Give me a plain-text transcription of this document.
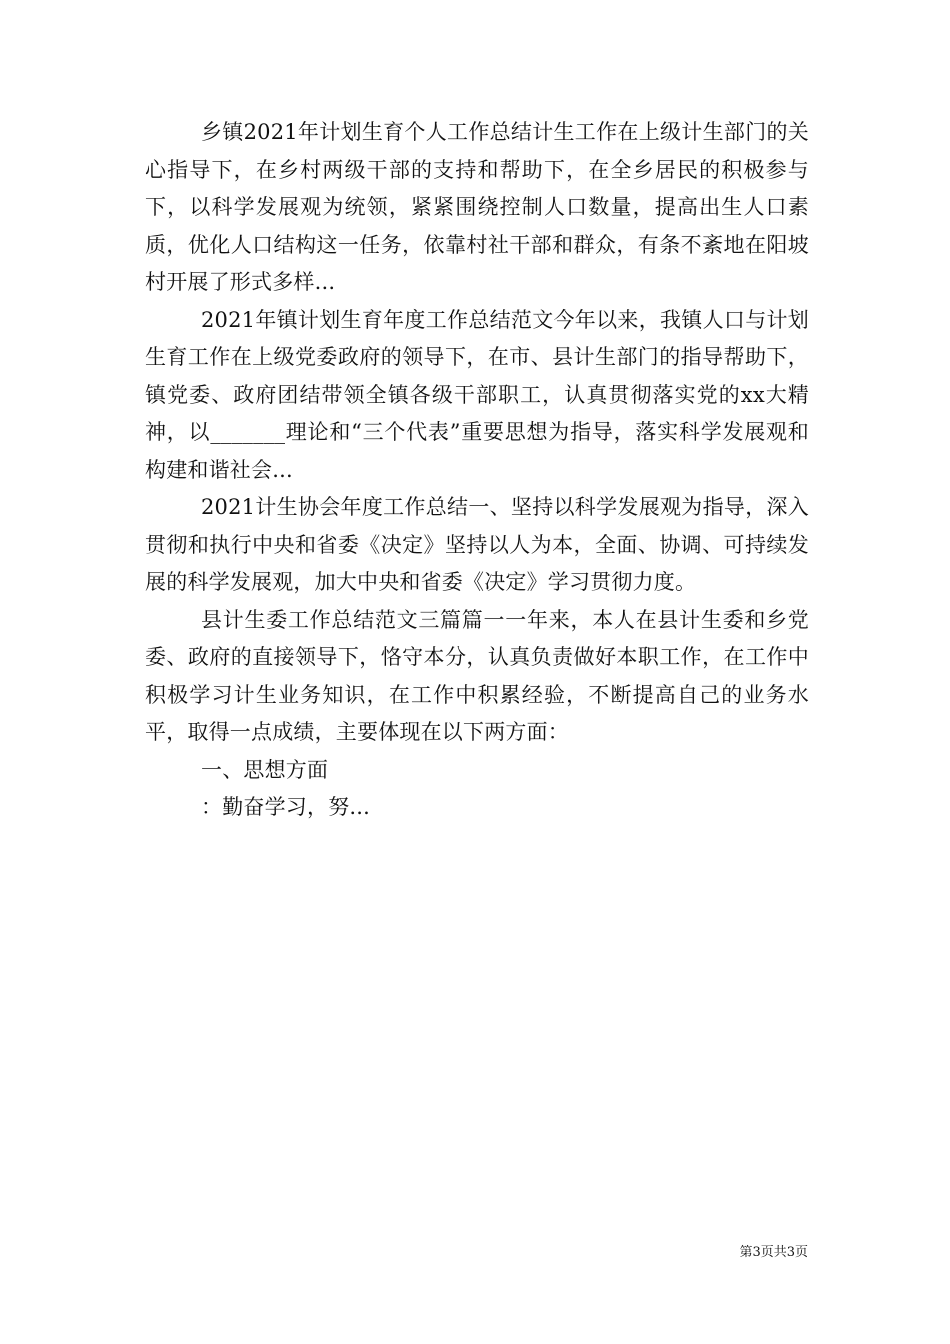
乡镇2021年计划生育个人工作总结计生工作在上级计生部门的关心指导下，在乡村两级干部的支持和帮助下，在全乡居民的积极参与下，以科学发展观为统领，紧紧围绕控制人口数量，提高出生人口素质，优化人口结构这一任务，依靠村社干部和群众，有条不紊地在阳坡村开展了形式多样...

2021年镇计划生育年度工作总结范文今年以来，我镇人口与计划生育工作在上级党委政府的领导下，在市、县计生部门的指导帮助下，镇党委、政府团结带领全镇各级干部职工，认真贯彻落实党的xx大精神，以_______理论和“三个代表”重要思想为指导，落实科学发展观和构建和谐社会...

2021计生协会年度工作总结一、坚持以科学发展观为指导，深入贯彻和执行中央和省委《决定》坚持以人为本，全面、协调、可持续发展的科学发展观，加大中央和省委《决定》学习贯彻力度。

县计生委工作总结范文三篇篇一一年来，本人在县计生委和乡党委、政府的直接领导下，恪守本分，认真负责做好本职工作，在工作中积极学习计生业务知识，在工作中积累经验，不断提高自己的业务水平，取得一点成绩，主要体现在以下两方面：

一、思想方面

：勤奋学习，努...

第3页共3页
